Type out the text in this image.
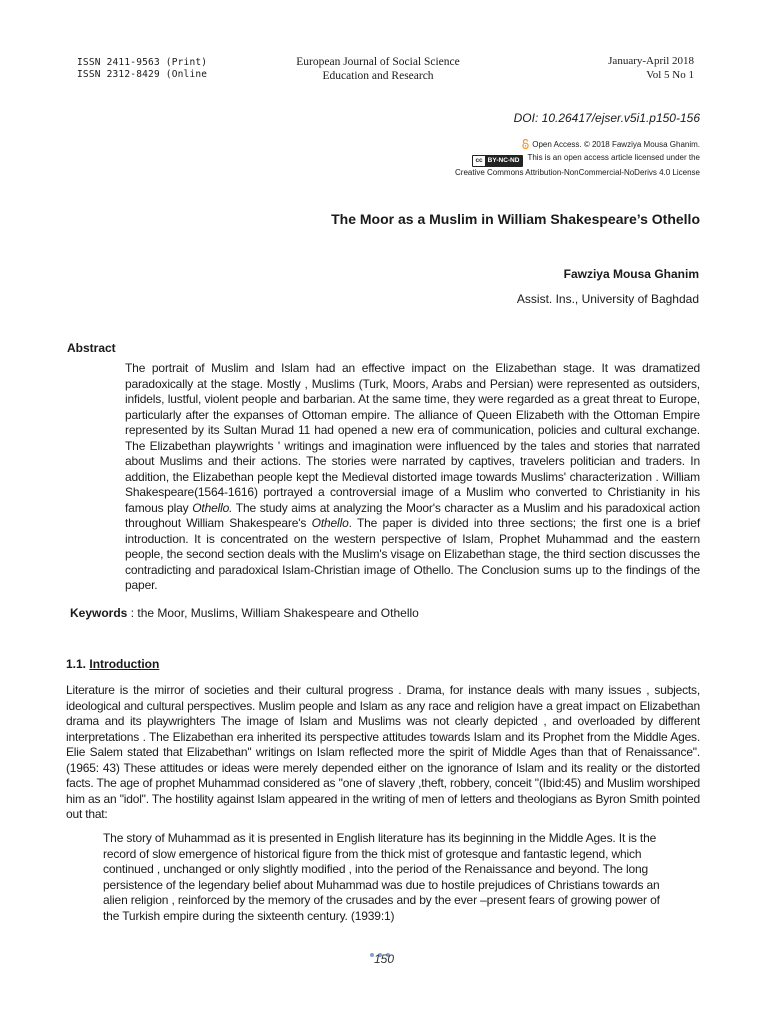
ISSN 2411-9563 (Print)
ISSN 2312-8429 (Online
European Journal of Social Science
Education and Research
January-April 2018
Vol 5 No 1
DOI: 10.26417/ejser.v5i1.p150-156
Open Access. © 2018 Fawziya Mousa Ghanim.
cc BY-NC-ND	This is an open access article licensed under the
Creative Commons Attribution-NonCommercial-NoDerivs 4.0 License
The Moor as a Muslim in William Shakespeare’s Othello
Fawziya Mousa Ghanim
Assist. Ins., University of Baghdad
Abstract
The portrait of Muslim and Islam had an effective impact on the Elizabethan stage. It was dramatized paradoxically at the stage. Mostly , Muslims (Turk, Moors, Arabs and Persian) were represented as outsiders, infidels, lustful, violent people and barbarian. At the same time, they were regarded as a great threat to Europe, particularly after the expanses of Ottoman empire. The alliance of Queen Elizabeth with the Ottoman Empire represented by its Sultan Murad 11 had opened a new era of communication, policies and cultural exchange. The Elizabethan playwrights ' writings and imagination were influenced by the tales and stories that narrated about Muslims and their actions. The stories were narrated by captives, travelers politician and traders. In addition, the Elizabethan people kept the Medieval distorted image towards Muslims' characterization . William Shakespeare(1564-1616) portrayed a controversial image of a Muslim who converted to Christianity in his famous play Othello. The study aims at analyzing the Moor's character as a Muslim and his paradoxical action throughout William Shakespeare's Othello. The paper is divided into three sections; the first one is a brief introduction. It is concentrated on the western perspective of Islam, Prophet Muhammad and the eastern people, the second section deals with the Muslim's visage on Elizabethan stage, the third section discusses the contradicting and paradoxical Islam-Christian image of Othello. The Conclusion sums up to the findings of the paper.
Keywords : the Moor, Muslims, William Shakespeare and Othello
1.1. Introduction
Literature is the mirror of societies and their cultural progress . Drama, for instance deals with many issues , subjects, ideological and cultural perspectives. Muslim people and Islam as any race and religion have a great impact on Elizabethan drama and its playwrighters The image of Islam and Muslims was not clearly depicted , and overloaded by different interpretations . The Elizabethan era inherited its perspective attitudes towards Islam and its Prophet from the Middle Ages. Elie Salem stated that Elizabethan" writings on Islam reflected more the spirit of Middle Ages than that of Renaissance".(1965: 43) These attitudes or ideas were merely depended either on the ignorance of Islam and its reality or the distorted facts. The age of prophet Muhammad considered as "one of slavery ,theft, robbery, conceit "(Ibid:45) and Muslim worshiped him as an "idol". The hostility against Islam appeared in the writing of men of letters and theologians as Byron Smith pointed out that:
The story of Muhammad as it is presented in English literature has its beginning in the Middle Ages. It is the record of slow emergence of historical figure from the thick mist of grotesque and fantastic legend, which continued , unchanged or only slightly modified , into the period of the Renaissance and beyond. The long persistence of the legendary belief about Muhammad was due to hostile prejudices of Christians towards an alien religion , reinforced by the memory of the crusades and by the ever –present fears of growing power of the Turkish empire during the sixteenth century. (1939:1)
150
